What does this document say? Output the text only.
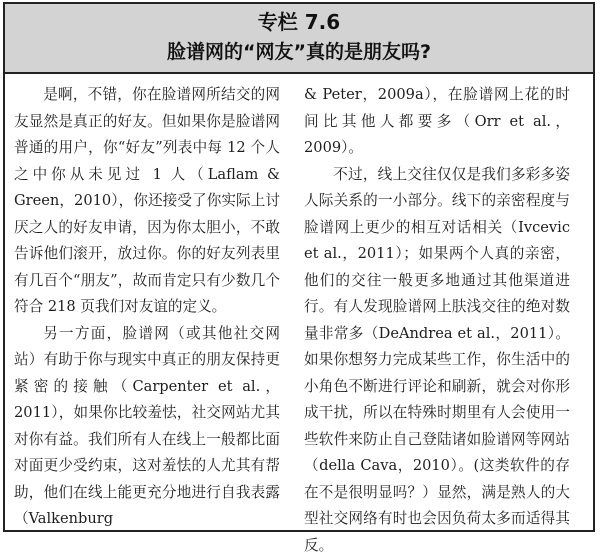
专栏 7.6
脸谱网的“网友”真的是朋友吗?

是啊，不错，你在脸谱网所结交的网友显然是真正的好友。但如果你是脸谱网普通的用户，你“好友”列表中每 12 个人之中你从未见过 1 人（Laflam & Green，2010），你还接受了你实际上讨厌之人的好友申请，因为你太胆小，不敢告诉他们滚开，放过你。你的好友列表里有几百个“朋友”，故而肯定只有少数几个符合 218 页我们对友谊的定义。

另一方面，脸谱网（或其他社交网站）有助于你与现实中真正的朋友保持更紧密的接触（Carpenter et al.，2011），如果你比较羞怯，社交网站尤其对你有益。我们所有人在线上一般都比面对面更少受约束，这对羞怯的人尤其有帮助，他们在线上能更充分地进行自我表露（Valkenburg

& Peter，2009a），在脸谱网上花的时间比其他人都要多（Orr et al.，2009）。

不过，线上交往仅仅是我们多彩多姿人际关系的一小部分。线下的亲密程度与脸谱网上更少的相互对话相关（Ivcevic et al.，2011）；如果两个人真的亲密，他们的交往一般更多地通过其他渠道进行。有人发现脸谱网上肤浅交往的绝对数量非常多（DeAndrea et al.，2011）。如果你想努力完成某些工作，你生活中的小角色不断进行评论和刷新，就会对你形成干扰，所以在特殊时期里有人会使用一些软件来防止自己登陆诸如脸谱网等网站（della Cava，2010）。(这类软件的存在不是很明显吗？）显然，满是熟人的大型社交网络有时也会因负荷太多而适得其反。
